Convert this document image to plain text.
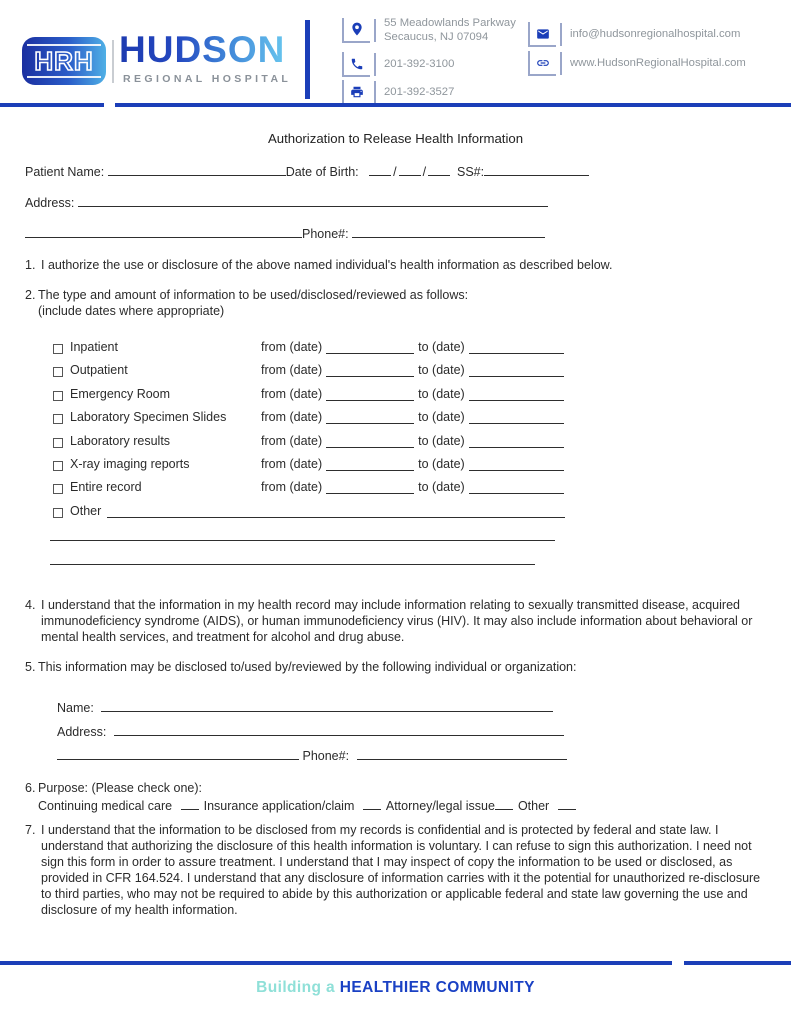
HRH HUDSON
REGIONAL HOSPITAL
55 Meadowlands Parkway
Secaucus, NJ 07094
201-392-3100
201-392-3527
info@hudsonregionalhospital.com
www.HudsonRegionalHospital.com
Authorization to Release Health Information
Patient Name:	Date of Birth:	/ / SS#:
Address:
Phone#:
1. I authorize the use or disclosure of the above named individual's health information as described below.
2. The type and amount of information to be used/disclosed/reviewed as follows:
(include dates where appropriate)
Inpatient	from (date)	to (date)
Outpatient	from (date)	to (date)
Emergency Room	from (date)	to (date)
Laboratory Specimen Slides	from (date)	to (date)
Laboratory results	from (date)	to (date)
X-ray imaging reports	from (date)	to (date)
Entire record	from (date)	to (date)
Other
4. I understand that the information in my health record may include information relating to sexually transmitted disease, acquired immunodeficiency syndrome (AIDS), or human immunodeficiency virus (HIV). It may also include information about behavioral or mental health services, and treatment for alcohol and drug abuse.
5. This information may be disclosed to/used by/reviewed by the following individual or organization:
Name:
Address:
Phone#:
6. Purpose: (Please check one):
Continuing medical care	Insurance application/claim	Attorney/legal issue Other
7. I understand that the information to be disclosed from my records is confidential and is protected by federal and state law. I understand that authorizing the disclosure of this health information is voluntary. I can refuse to sign this authorization. I need not sign this form in order to assure treatment. I understand that I may inspect of copy the information to be used or disclosed, as provided in CFR 164.524. I understand that any disclosure of information carries with it the potential for unauthorized re-disclosure to third parties, who may not be required to abide by this authorization or applicable federal and state law governing the use and disclosure of my health information.
Building a HEALTHIER COMMUNITY
